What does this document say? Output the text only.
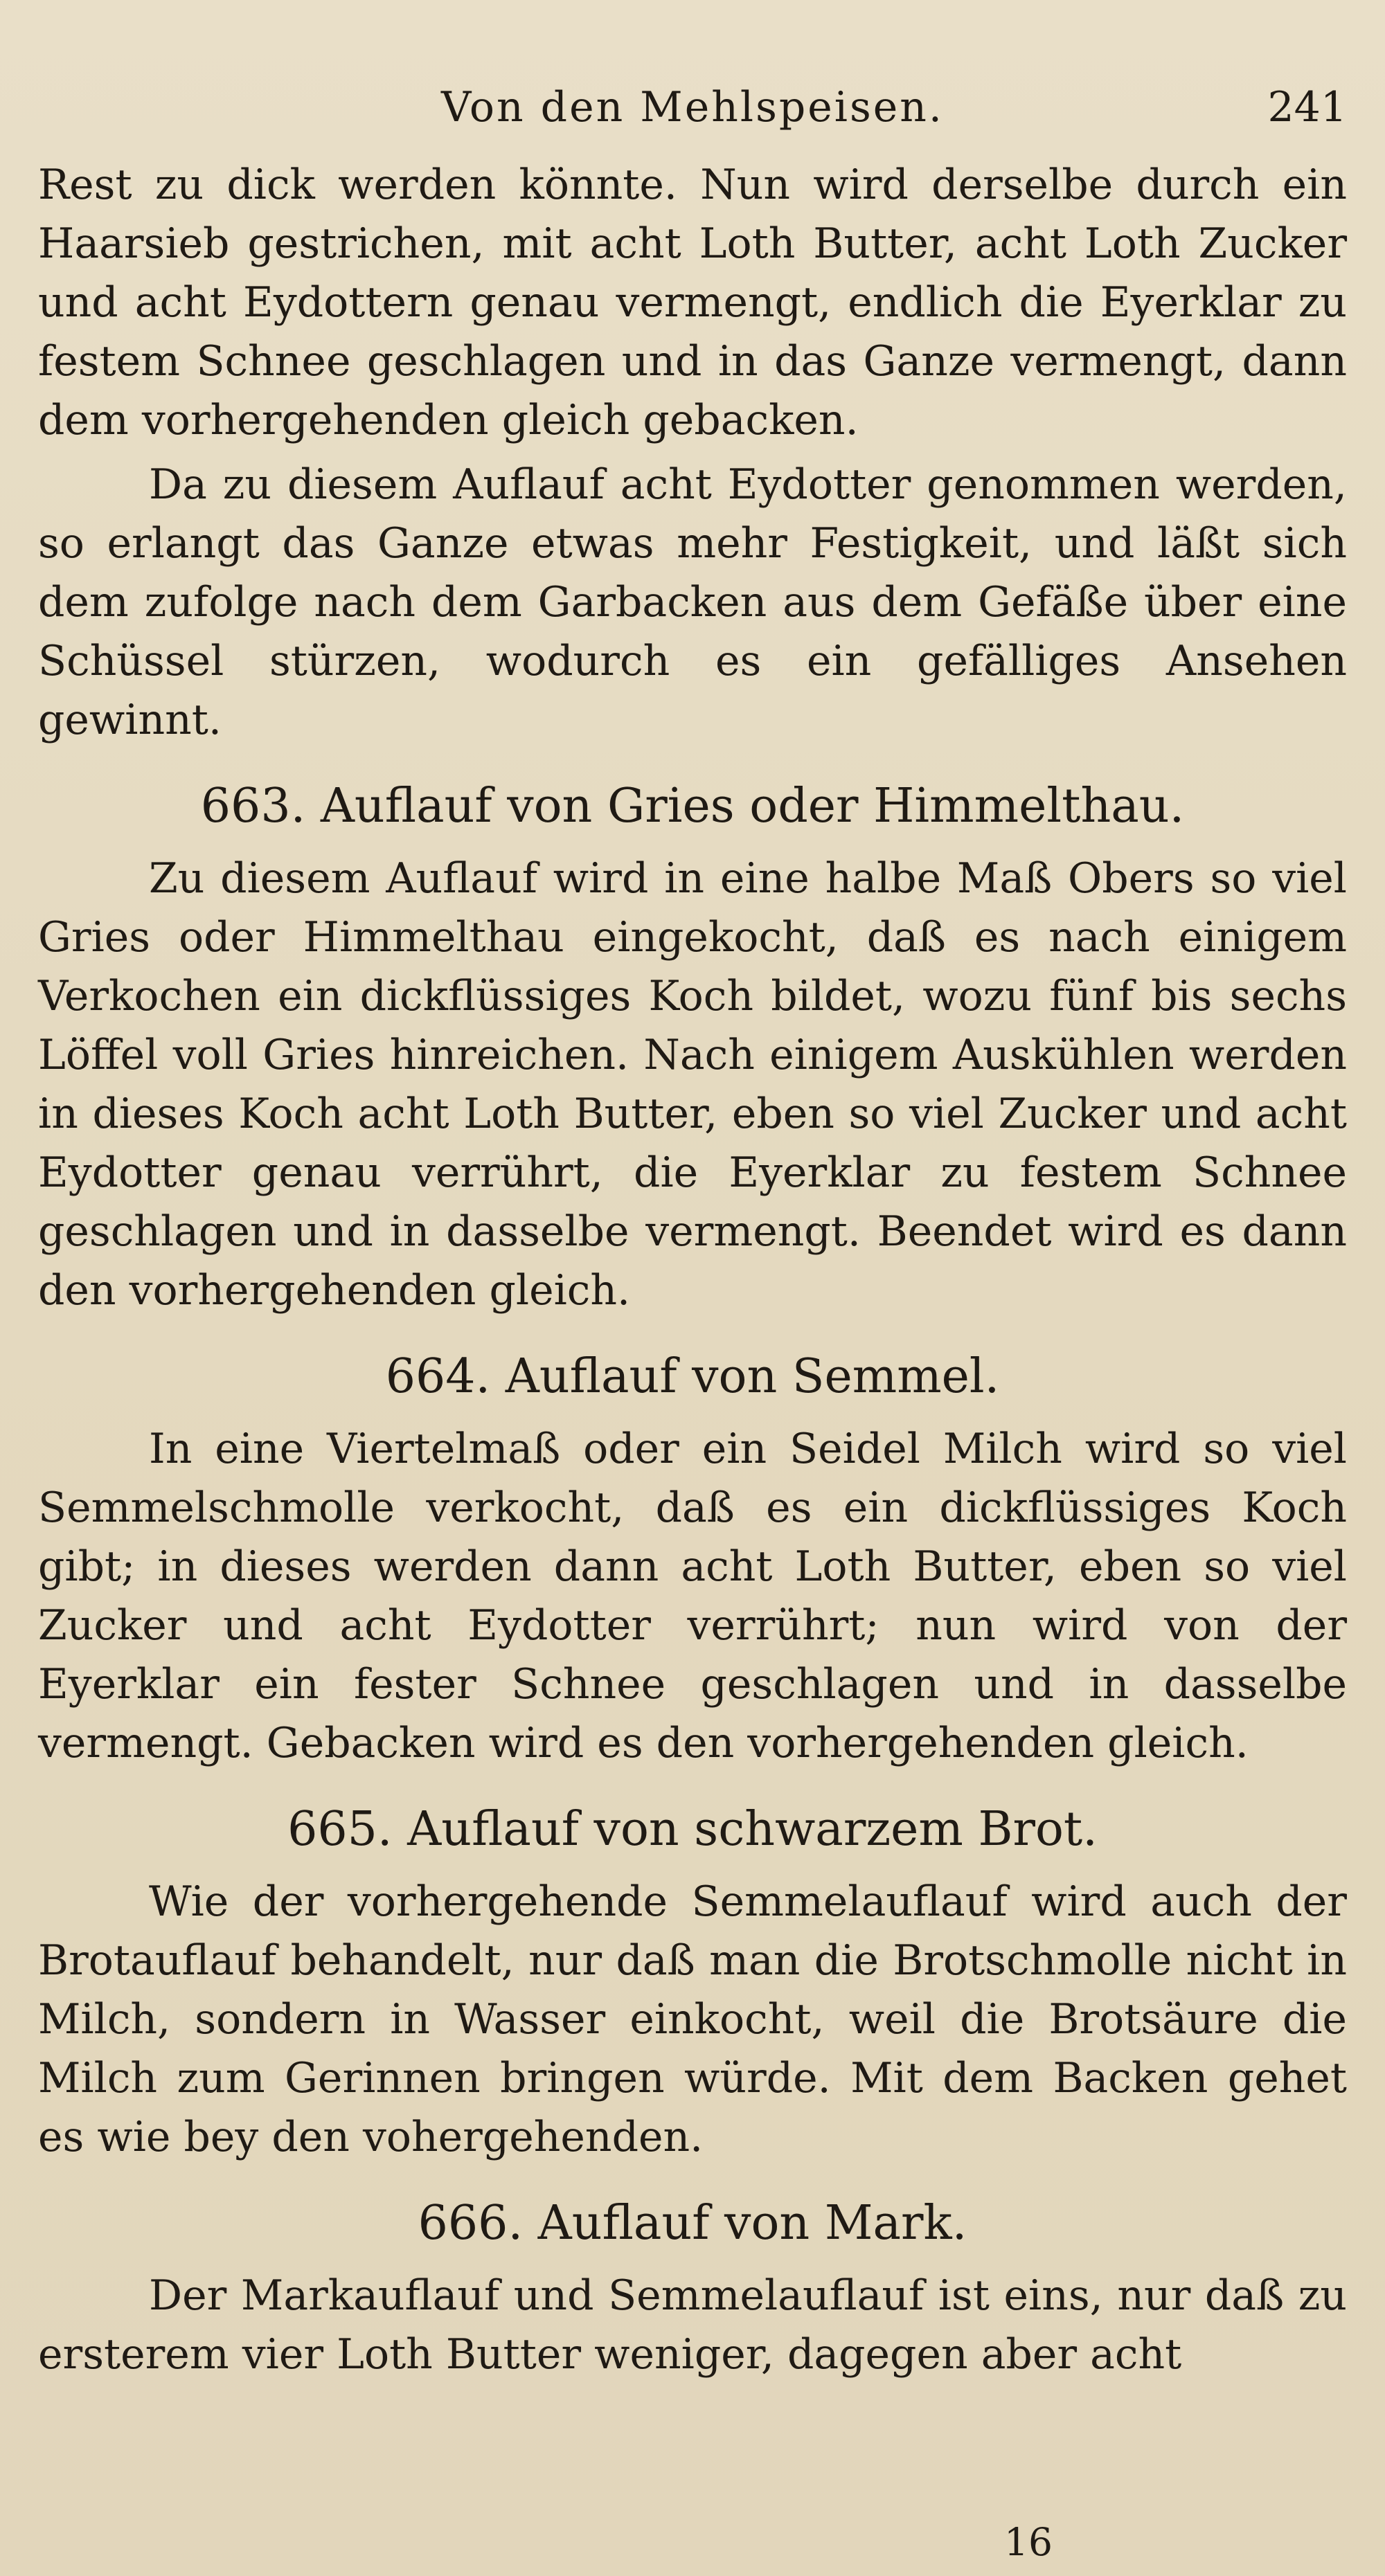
Von den Mehlspeisen.	241

Rest zu dick werden könnte. Nun wird derselbe durch ein Haarsieb gestrichen, mit acht Loth Butter, acht Loth Zucker und acht Eydottern genau vermengt, endlich die Eyerklar zu festem Schnee geschlagen und in das Ganze vermengt, dann dem vorhergehenden gleich gebacken.

Da zu diesem Auflauf acht Eydotter genommen werden, so erlangt das Ganze etwas mehr Festigkeit, und läßt sich dem zufolge nach dem Garbacken aus dem Gefäße über eine Schüssel stürzen, wodurch es ein gefälliges Ansehen gewinnt.

663. Auflauf von Gries oder Himmelthau.

Zu diesem Auflauf wird in eine halbe Maß Obers so viel Gries oder Himmelthau eingekocht, daß es nach einigem Verkochen ein dickflüssiges Koch bildet, wozu fünf bis sechs Löffel voll Gries hinreichen. Nach einigem Auskühlen werden in dieses Koch acht Loth Butter, eben so viel Zucker und acht Eydotter genau verrührt, die Eyerklar zu festem Schnee geschlagen und in dasselbe vermengt. Beendet wird es dann den vorhergehenden gleich.

664. Auflauf von Semmel.

In eine Viertelmaß oder ein Seidel Milch wird so viel Semmelschmolle verkocht, daß es ein dickflüssiges Koch gibt; in dieses werden dann acht Loth Butter, eben so viel Zucker und acht Eydotter verrührt; nun wird von der Eyerklar ein fester Schnee geschlagen und in dasselbe vermengt. Gebacken wird es den vorhergehenden gleich.

665. Auflauf von schwarzem Brot.

Wie der vorhergehende Semmelauflauf wird auch der Brotauflauf behandelt, nur daß man die Brotschmolle nicht in Milch, sondern in Wasser einkocht, weil die Brotsäure die Milch zum Gerinnen bringen würde. Mit dem Backen gehet es wie bey den vohergehenden.

666. Auflauf von Mark.

Der Markauflauf und Semmelauflauf ist eins, nur daß zu ersterem vier Loth Butter weniger, dagegen aber acht

16
